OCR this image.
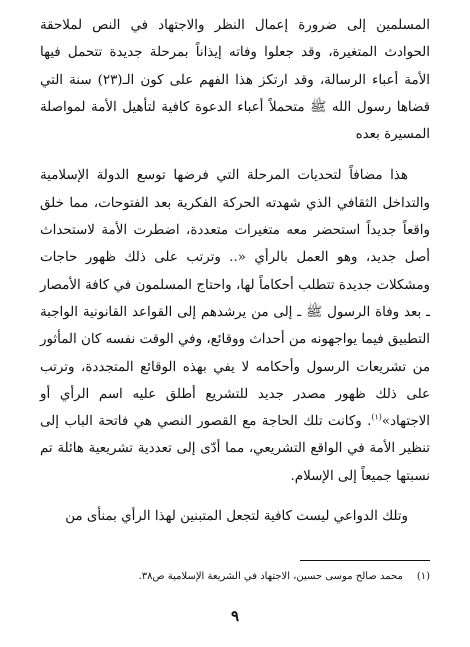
المسلمين إلى ضرورة إعمال النظر والاجتهاد في النص لملاحقة الحوادث المتغيرة، وقد جعلوا وفاته إيذاناً بمرحلة جديدة تتحمل فيها الأمة أعباء الرسالة، وقد ارتكز هذا الفهم على كون الـ(٢٣) سنة التي قضاها رسول الله ﷺ متحملاً أعباء الدعوة كافية لتأهيل الأمة لمواصلة المسيرة بعده

هذا مضافاً لتحديات المرحلة التي فرضها توسع الدولة الإسلامية والتداخل الثقافي الذي شهدته الحركة الفكرية بعد الفتوحات، مما خلق واقعاً جديداً استحضر معه متغيرات متعددة، اضطرت الأمة لاستحداث أصل جديد، وهو العمل بالرأي «.. وترتب على ذلك ظهور حاجات ومشكلات جديدة تتطلب أحكاماً لها، واحتاج المسلمون في كافة الأمصار ـ بعد وفاة الرسول ﷺ ـ إلى من يرشدهم إلى القواعد القانونية الواجبة التطبيق فيما يواجهونه من أحداث ووقائع، وفي الوقت نفسه كان المأثور من تشريعات الرسول وأحكامه لا يفي بهذه الوقائع المتجددة، وترتب على ذلك ظهور مصدر جديد للتشريع أطلق عليه اسم الرأي أو الاجتهاد»$^{(١)}$. وكانت تلك الحاجة مع القصور النصي هي فاتحة الباب إلى تنظير الأمة في الواقع التشريعي، مما أدّى إلى تعددية تشريعية هائلة تم نسبتها جميعاً إلى الإسلام.

وتلك الدواعي ليست كافية لتجعل المتبنين لهذا الرأي بمنأى من

(١)محمد صالح موسى حسين، الاجتهاد في الشريعة الإسلامية ص٣٨.
٩
